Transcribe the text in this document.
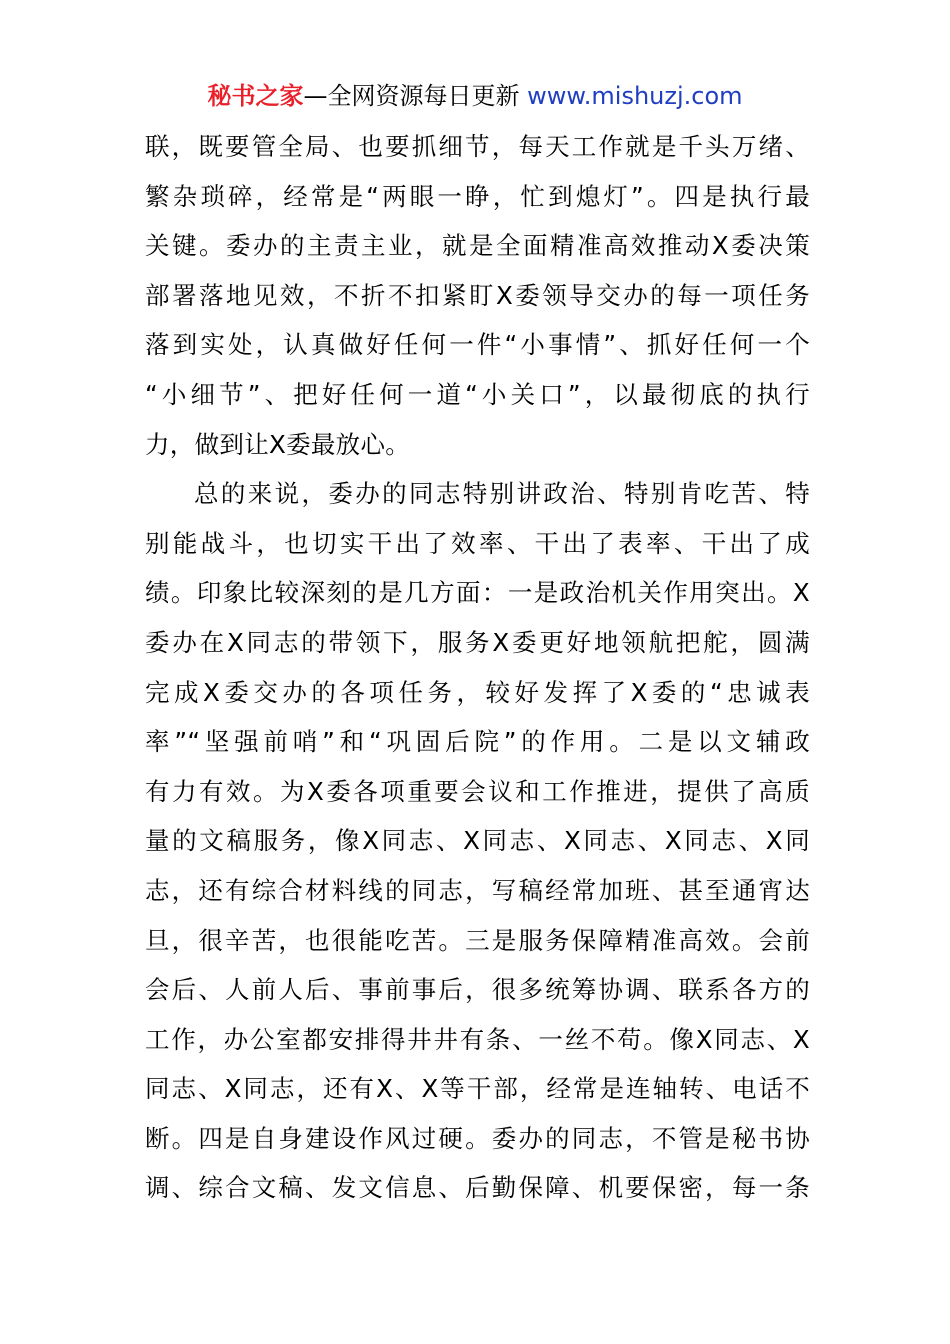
秘书之家—全网资源每日更新 www.mishuzj.com
联，既要管全局、也要抓细节，每天工作就是千头万绪、
繁杂琐碎，经常是“两眼一睁，忙到熄灯”。四是执行最
关键。委办的主责主业，就是全面精准高效推动X委决策
部署落地见效，不折不扣紧盯X委领导交办的每一项任务
落到实处，认真做好任何一件“小事情”、抓好任何一个
“小细节”、把好任何一道“小关口”，以最彻底的执行
力，做到让X委最放心。
总的来说，委办的同志特别讲政治、特别肯吃苦、特
别能战斗，也切实干出了效率、干出了表率、干出了成
绩。印象比较深刻的是几方面：一是政治机关作用突出。X
委办在X同志的带领下，服务X委更好地领航把舵，圆满
完成X委交办的各项任务，较好发挥了X委的“忠诚表
率”“坚强前哨”和“巩固后院”的作用。二是以文辅政
有力有效。为X委各项重要会议和工作推进，提供了高质
量的文稿服务，像X同志、X同志、X同志、X同志、X同
志，还有综合材料线的同志，写稿经常加班、甚至通宵达
旦，很辛苦，也很能吃苦。三是服务保障精准高效。会前
会后、人前人后、事前事后，很多统筹协调、联系各方的
工作，办公室都安排得井井有条、一丝不苟。像X同志、X
同志、X同志，还有X、X等干部，经常是连轴转、电话不
断。四是自身建设作风过硬。委办的同志，不管是秘书协
调、综合文稿、发文信息、后勤保障、机要保密，每一条
